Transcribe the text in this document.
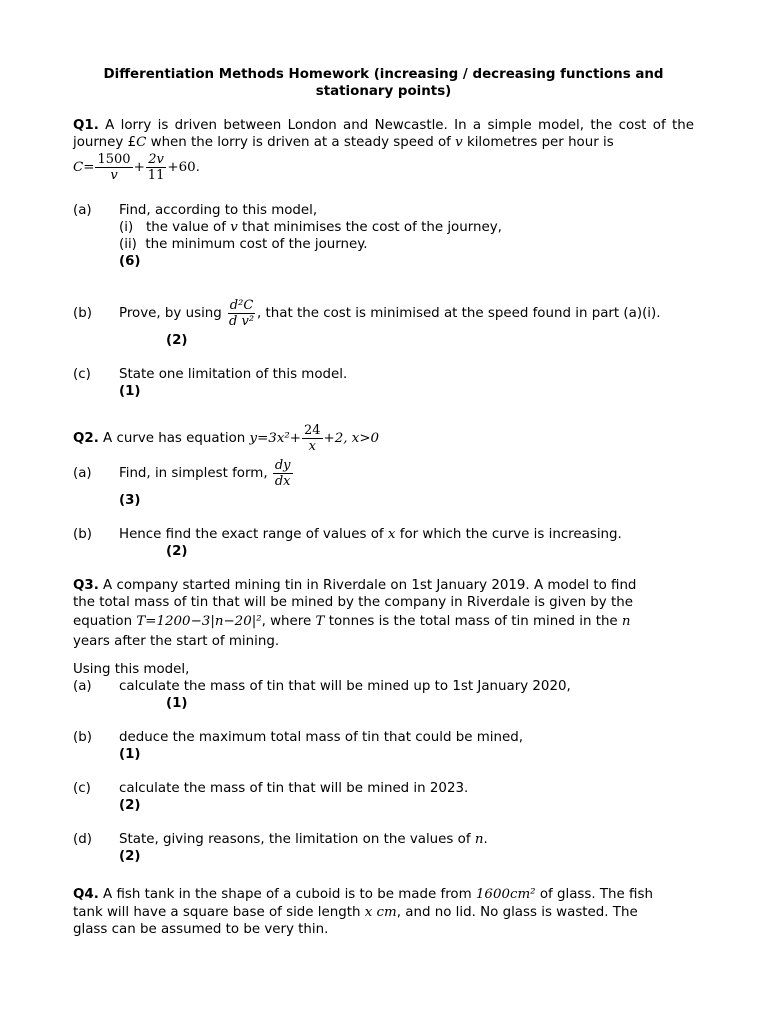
Differentiation Methods Homework (increasing / decreasing functions and stationary points)

Q1. A lorry is driven between London and Newcastle. In a simple model, the cost of the journey £C when the lorry is driven at a steady speed of v kilometres per hour is

$C= \frac{1500}{v} + \frac{2v}{11} +60$.

(a)	Find, according to this model,

(i) the value of v that minimises the cost of the journey,

(ii) the minimum cost of the journey.

(6)

(b)	Prove, by using $\frac{\text{d²C}}{\text{d v²}}$ , that the cost is minimised at the speed found in part (a)(i).

(2)

(c)	State one limitation of this model.

(1)

Q2. A curve has equation $y=3x^2+ \frac{24}{x} +2$, x>0

(a)	Find, in simplest form, $\frac{dy}{dx}$

(3)

(b)	Hence find the exact range of values of x for which the curve is increasing.

(2)

Q3. A company started mining tin in Riverdale on 1st January 2019. A model to find

the total mass of tin that will be mined by the company in Riverdale is given by the

equation T=1200−3|n−20|², where T tonnes is the total mass of tin mined in the n

years after the start of mining.

Using this model,

(a)	calculate the mass of tin that will be mined up to 1st January 2020,

(1)

(b)	deduce the maximum total mass of tin that could be mined,

(1)

(c)	calculate the mass of tin that will be mined in 2023.

(2)

(d)	State, giving reasons, the limitation on the values of n.

(2)

Q4. A fish tank in the shape of a cuboid is to be made from 1600cm² of glass. The fish

tank will have a square base of side length x cm, and no lid. No glass is wasted. The

glass can be assumed to be very thin.
